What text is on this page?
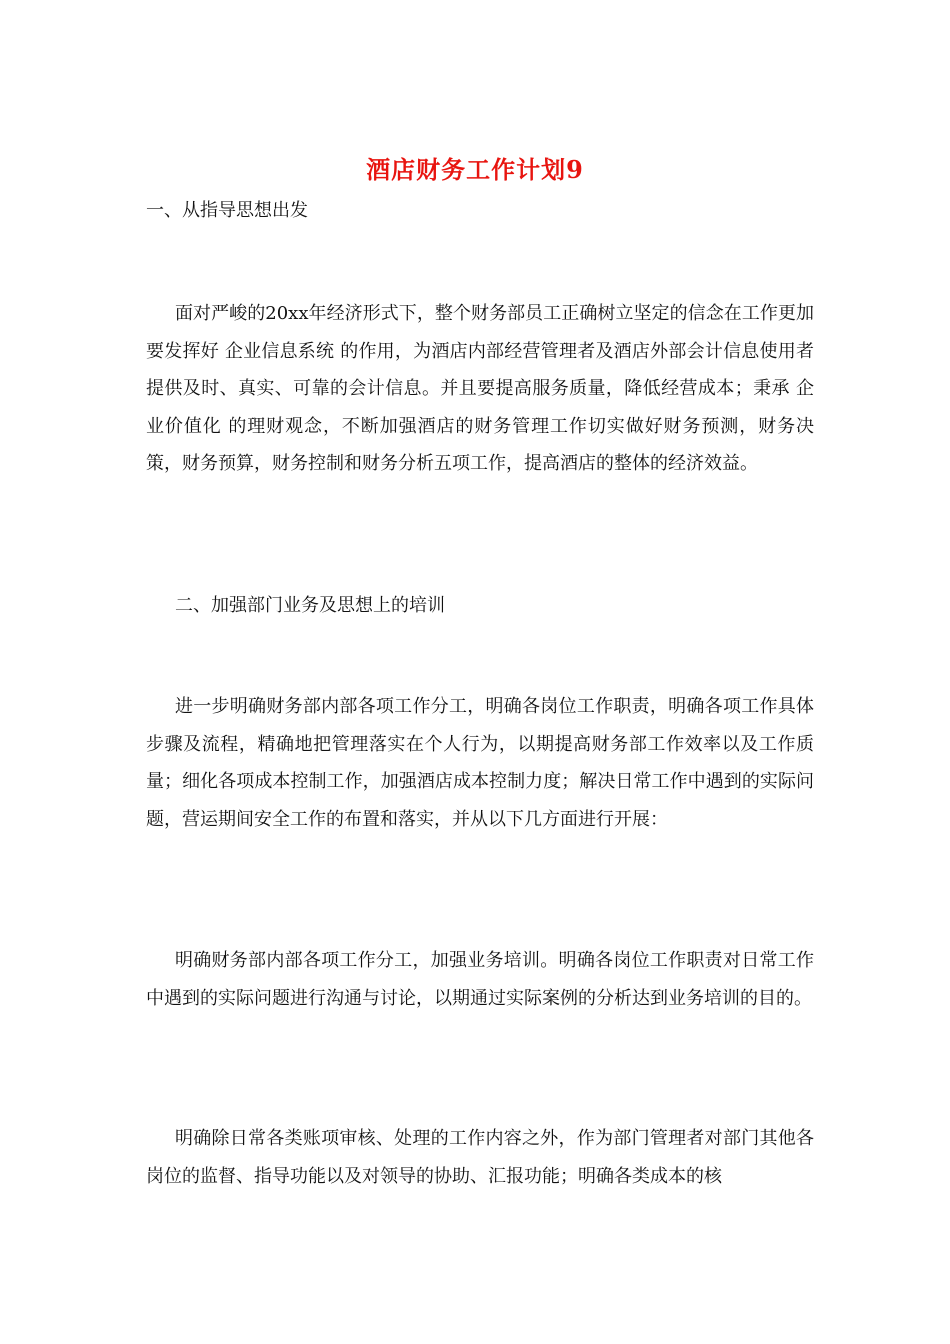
酒店财务工作计划9
一、从指导思想出发

面对严峻的20xx年经济形式下，整个财务部员工正确树立坚定的信念在工作更加要发挥好 企业信息系统 的作用，为酒店内部经营管理者及酒店外部会计信息使用者提供及时、真实、可靠的会计信息。并且要提高服务质量，降低经营成本；秉承 企业价值化 的理财观念，不断加强酒店的财务管理工作切实做好财务预测，财务决策，财务预算，财务控制和财务分析五项工作，提高酒店的整体的经济效益。

二、加强部门业务及思想上的培训

进一步明确财务部内部各项工作分工，明确各岗位工作职责，明确各项工作具体步骤及流程，精确地把管理落实在个人行为，以期提高财务部工作效率以及工作质量；细化各项成本控制工作，加强酒店成本控制力度；解决日常工作中遇到的实际问题，营运期间安全工作的布置和落实，并从以下几方面进行开展：

明确财务部内部各项工作分工，加强业务培训。明确各岗位工作职责对日常工作中遇到的实际问题进行沟通与讨论，以期通过实际案例的分析达到业务培训的目的。

明确除日常各类账项审核、处理的工作内容之外，作为部门管理者对部门其他各岗位的监督、指导功能以及对领导的协助、汇报功能；明确各类成本的核
